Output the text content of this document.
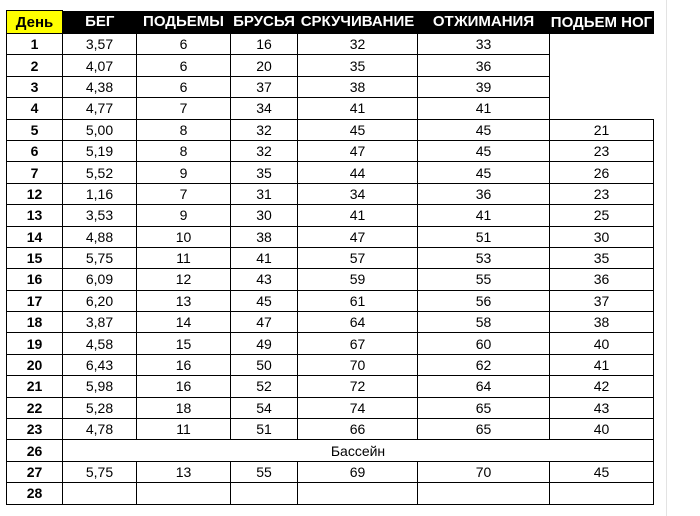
День	БЕГ	ПОДЬЕМЫ	БРУСЬЯ	СРКУЧИВАНИЕ	ОТЖИМАНИЯ	ПОДЬЕМ НОГ
1	3,57	6	16	32	33	
2	4,07	6	20	35	36	
3	4,38	6	37	38	39	
4	4,77	7	34	41	41	
5	5,00	8	32	45	45	21
6	5,19	8	32	47	45	23
7	5,52	9	35	44	45	26
12	1,16	7	31	34	36	23
13	3,53	9	30	41	41	25
14	4,88	10	38	47	51	30
15	5,75	11	41	57	53	35
16	6,09	12	43	59	55	36
17	6,20	13	45	61	56	37
18	3,87	14	47	64	58	38
19	4,58	15	49	67	60	40
20	6,43	16	50	70	62	41
21	5,98	16	52	72	64	42
22	5,28	18	54	74	65	43
23	4,78	11	51	66	65	40
26	Бассейн					
27	5,75	13	55	69	70	45
28						
